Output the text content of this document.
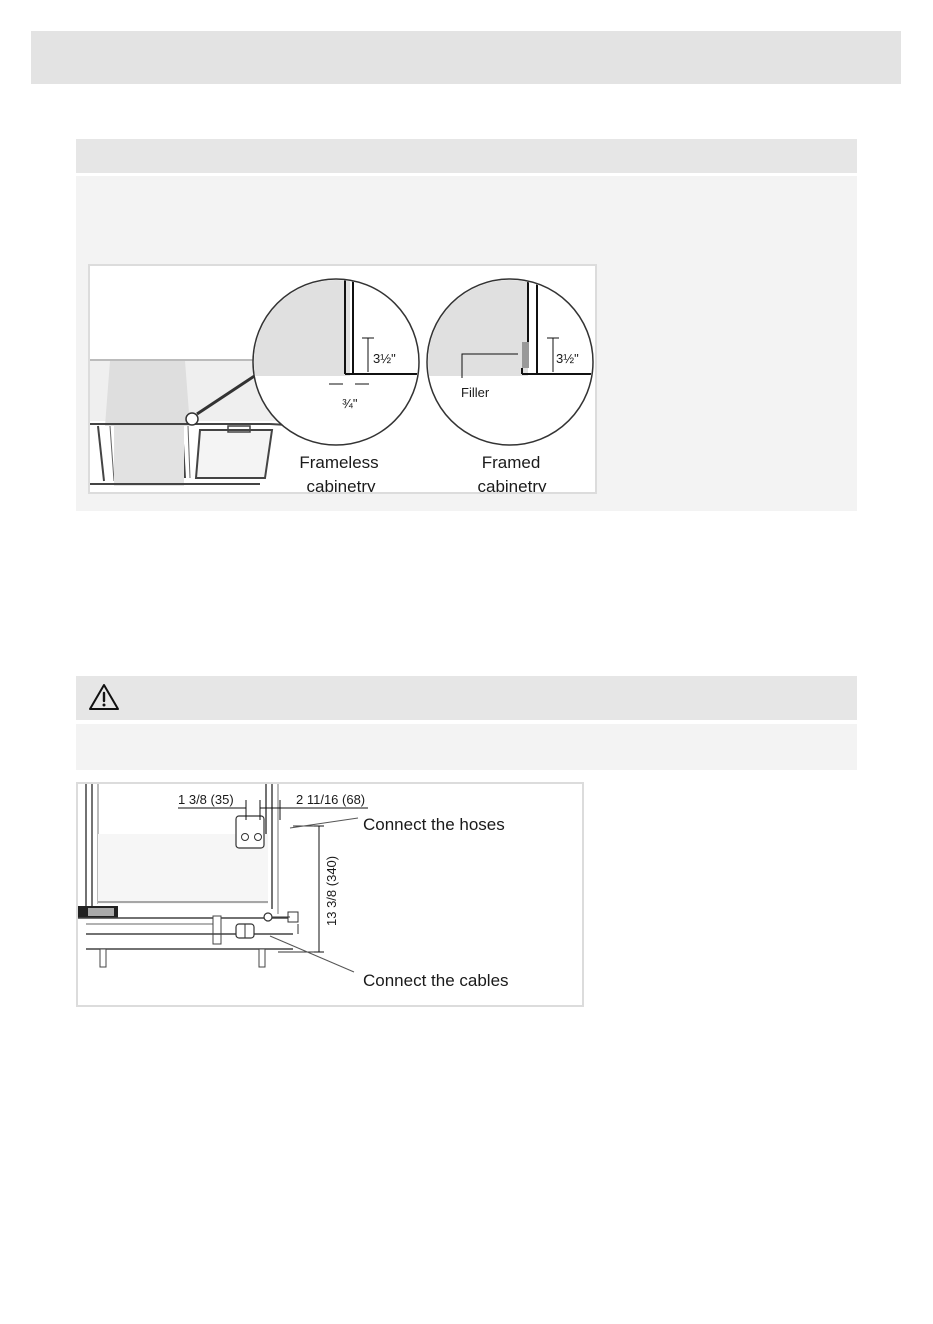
3½"
¾"
3½"
Filler
Frameless
cabinetry
Framed
cabinetry
1 3/8 (35)	2 11/16 (68)
13 3/8 (340)
Connect the hoses
Connect the cables
